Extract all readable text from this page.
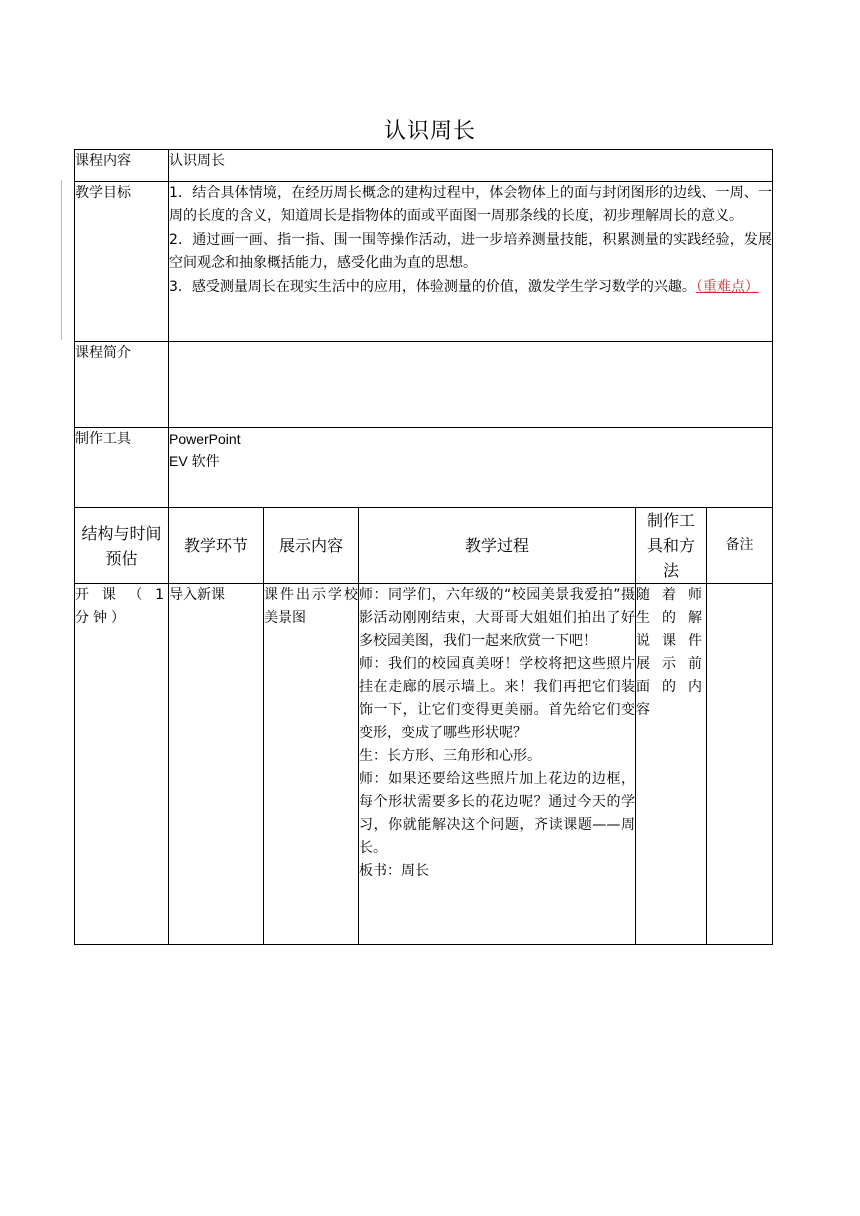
认识周长
课程内容	认识周长
教学目标	1．结合具体情境，在经历周长概念的建构过程中，体会物体上的面与封闭图形的边线、一周、一周的长度的含义，知道周长是指物体的面或平面图一周那条线的长度，初步理解周长的意义。

2．通过画一画、指一指、围一围等操作活动，进一步培养测量技能，积累测量的实践经验，发展空间观念和抽象概括能力，感受化曲为直的思想。

3．感受测量周长在现实生活中的应用，体验测量的价值，激发学生学习数学的兴趣。（重难点）

课程简介	
制作工具	PowerPoint
EV 软件
结构与时间预估	教学环节	展示内容	教学过程	制作工具和方法	备注
开课（1 分钟）	导入新课	课件出示学校美景图	师：同学们，六年级的“校园美景我爱拍”摄影活动刚刚结束，大哥哥大姐姐们拍出了好多校园美图，我们一起来欣赏一下吧！

师：我们的校园真美呀！学校将把这些照片挂在走廊的展示墙上。来！我们再把它们装饰一下，让它们变得更美丽。首先给它们变变形，变成了哪些形状呢？

生：长方形、三角形和心形。

师：如果还要给这些照片加上花边的边框，每个形状需要多长的花边呢？通过今天的学习，你就能解决这个问题，齐读课题——周长。

板书：周长	随着师生的解说课件展示前面的内容	
